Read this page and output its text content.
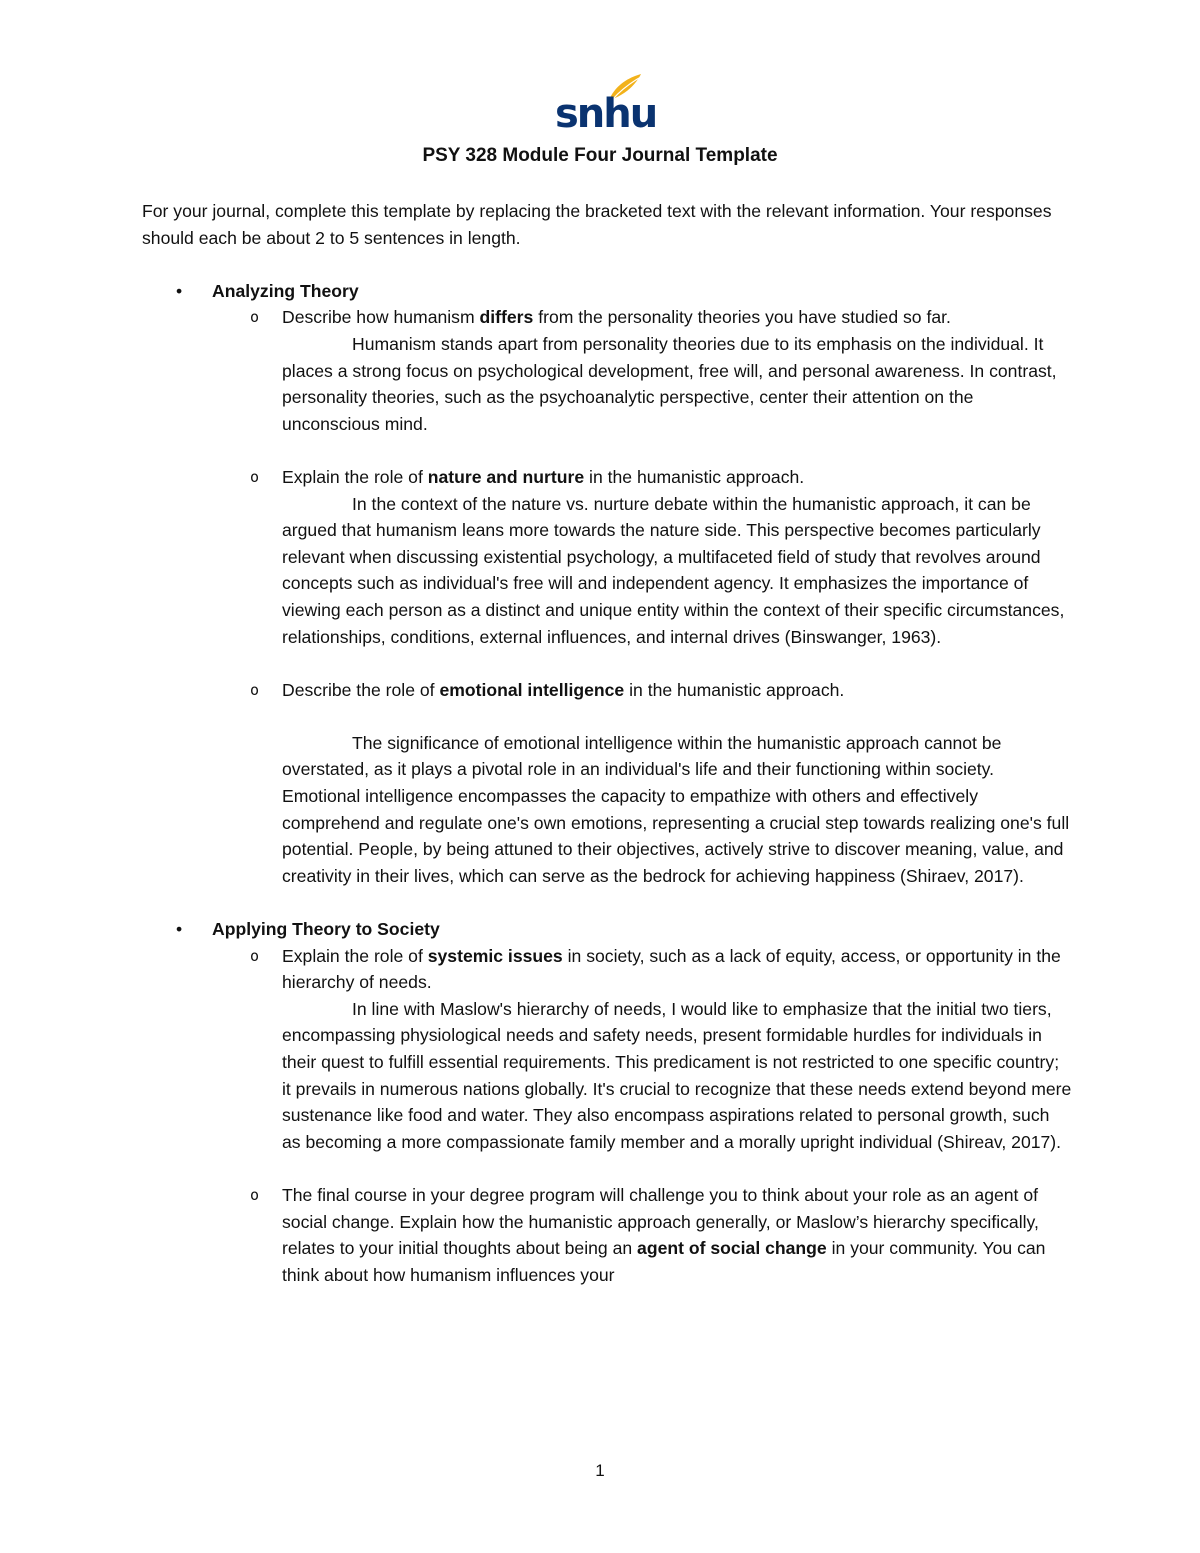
snhu
PSY 328 Module Four Journal Template

For your journal, complete this template by replacing the bracketed text with the relevant information. Your responses should each be about 2 to 5 sentences in length.

• Analyzing Theory
o Describe how humanism differs from the personality theories you have studied so far.

Humanism stands apart from personality theories due to its emphasis on the individual. It places a strong focus on psychological development, free will, and personal awareness. In contrast, personality theories, such as the psychoanalytic perspective, center their attention on the unconscious mind.

o Explain the role of nature and nurture in the humanistic approach.

In the context of the nature vs. nurture debate within the humanistic approach, it can be argued that humanism leans more towards the nature side. This perspective becomes particularly relevant when discussing existential psychology, a multifaceted field of study that revolves around concepts such as individual's free will and independent agency. It emphasizes the importance of viewing each person as a distinct and unique entity within the context of their specific circumstances, relationships, conditions, external influences, and internal drives (Binswanger, 1963).

o Describe the role of emotional intelligence in the humanistic approach.

The significance of emotional intelligence within the humanistic approach cannot be overstated, as it plays a pivotal role in an individual's life and their functioning within society. Emotional intelligence encompasses the capacity to empathize with others and effectively comprehend and regulate one's own emotions, representing a crucial step towards realizing one's full potential. People, by being attuned to their objectives, actively strive to discover meaning, value, and creativity in their lives, which can serve as the bedrock for achieving happiness (Shiraev, 2017).

• Applying Theory to Society
o Explain the role of systemic issues in society, such as a lack of equity, access, or opportunity in the hierarchy of needs.

In line with Maslow's hierarchy of needs, I would like to emphasize that the initial two tiers, encompassing physiological needs and safety needs, present formidable hurdles for individuals in their quest to fulfill essential requirements. This predicament is not restricted to one specific country; it prevails in numerous nations globally. It's crucial to recognize that these needs extend beyond mere sustenance like food and water. They also encompass aspirations related to personal growth, such as becoming a more compassionate family member and a morally upright individual (Shireav, 2017).

o The final course in your degree program will challenge you to think about your role as an agent of social change. Explain how the humanistic approach generally, or Maslow’s hierarchy specifically, relates to your initial thoughts about being an agent of social change in your community. You can think about how humanism influences your
1
